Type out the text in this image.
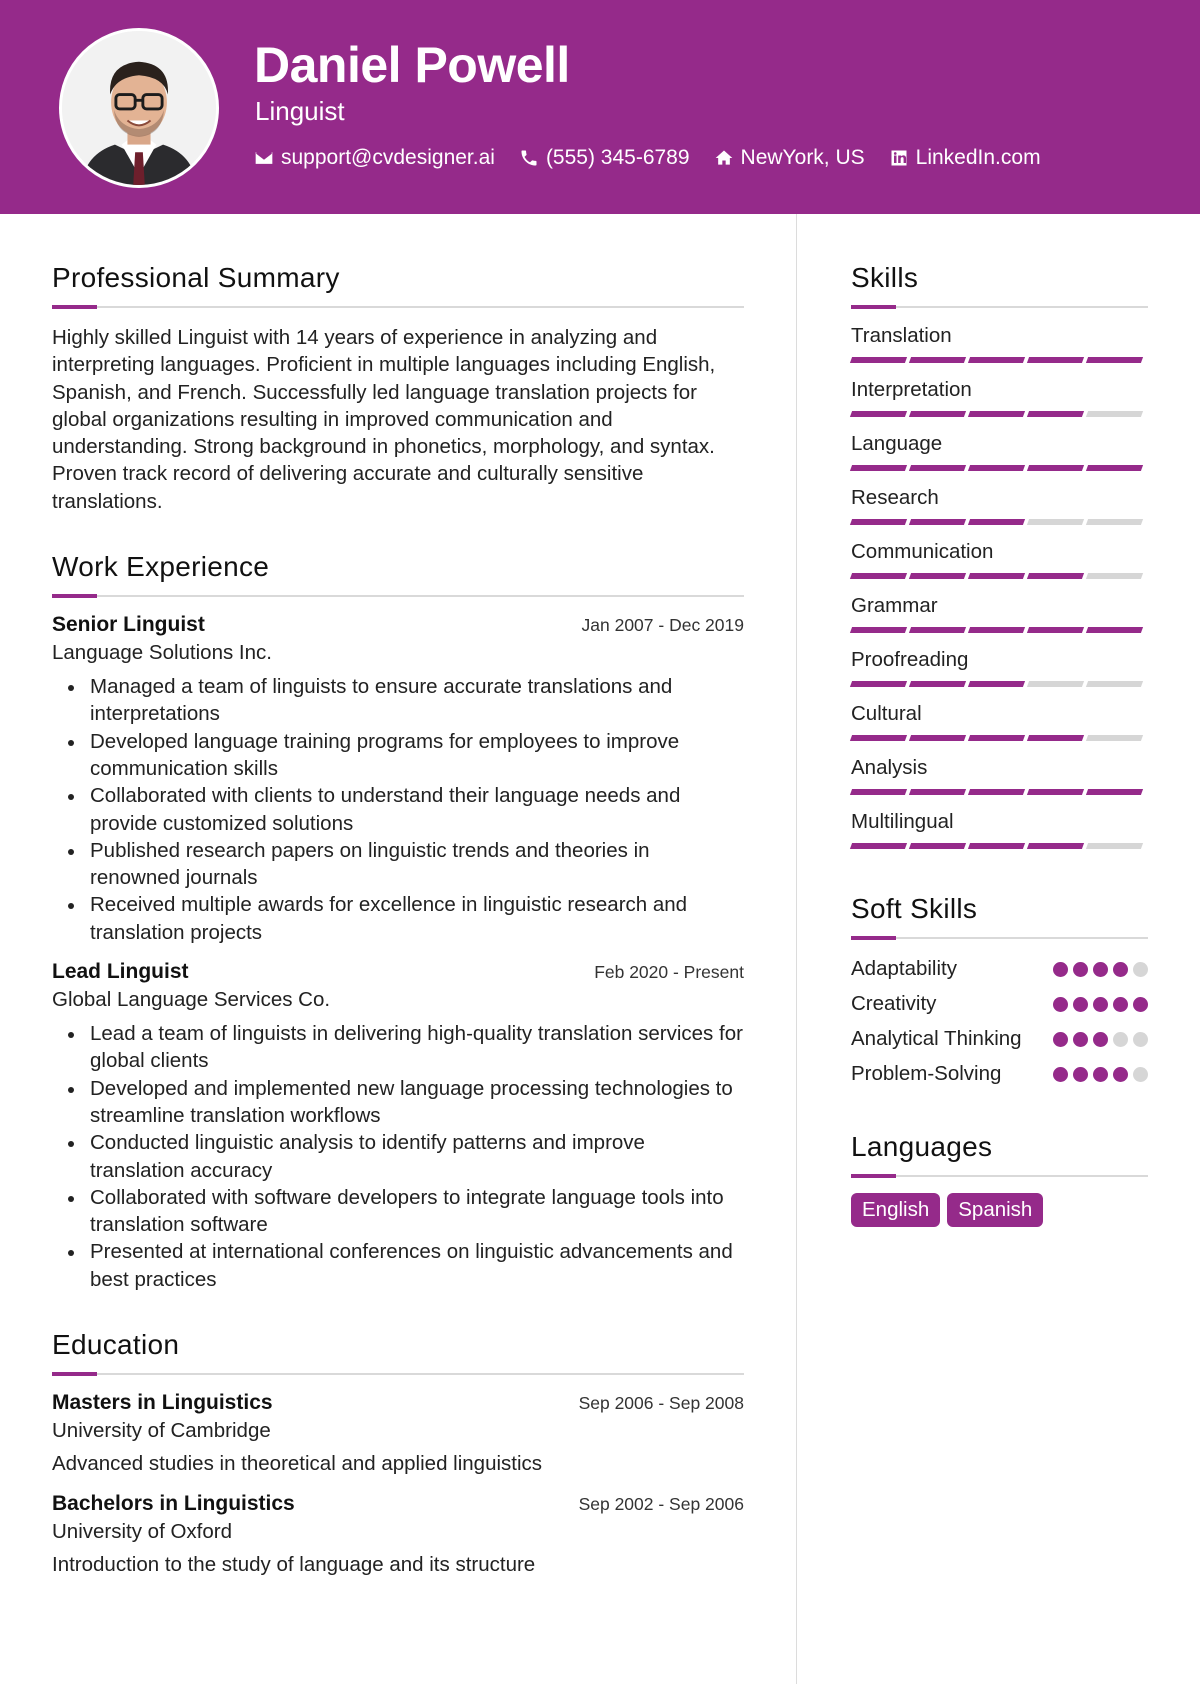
Daniel Powell
Linguist
support@cvdesigner.ai (555) 345-6789 NewYork, US LinkedIn.com
Professional Summary

Highly skilled Linguist with 14 years of experience in analyzing and interpreting languages. Proficient in multiple languages including English, Spanish, and French. Successfully led language translation projects for global organizations resulting in improved communication and understanding. Strong background in phonetics, morphology, and syntax. Proven track record of delivering accurate and culturally sensitive translations.

Work Experience
Senior Linguist	Jan 2007 - Dec 2019
Language Solutions Inc.
Managed a team of linguists to ensure accurate translations and interpretations
Developed language training programs for employees to improve communication skills
Collaborated with clients to understand their language needs and provide customized solutions
Published research papers on linguistic trends and theories in renowned journals
Received multiple awards for excellence in linguistic research and translation projects
Lead Linguist	Feb 2020 - Present
Global Language Services Co.
Lead a team of linguists in delivering high-quality translation services for global clients
Developed and implemented new language processing technologies to streamline translation workflows
Conducted linguistic analysis to identify patterns and improve translation accuracy
Collaborated with software developers to integrate language tools into translation software
Presented at international conferences on linguistic advancements and best practices
Education
Masters in Linguistics	Sep 2006 - Sep 2008
University of Cambridge
Advanced studies in theoretical and applied linguistics
Bachelors in Linguistics	Sep 2002 - Sep 2006
University of Oxford
Introduction to the study of language and its structure
Skills
Translation
Interpretation
Language
Research
Communication
Grammar
Proofreading
Cultural
Analysis
Multilingual
Soft Skills
Adaptability
Creativity
Analytical Thinking
Problem-Solving
Languages
English	Spanish
